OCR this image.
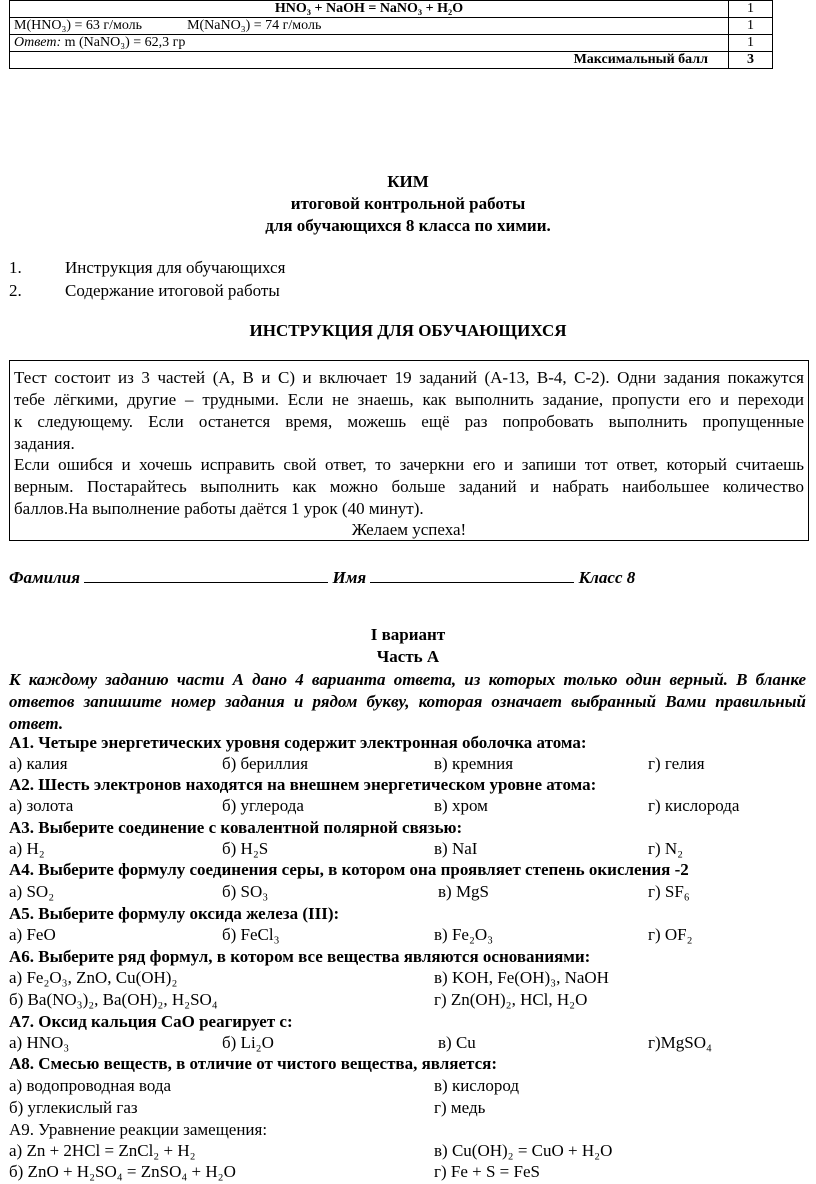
HNO₃ + NaOH = NaNO₃ + H₂O	1
M(HNO₃) = 63 г/моль M(NaNO₃) = 74 г/моль	1
Ответ: m (NaNO₃) = 62,3 гр	1
Максимальный балл	3
КИМ
итоговой контрольной работы
для обучающихся 8 класса по химии.
1.	Инструкция для обучающихся
2.	Содержание итоговой работы
ИНСТРУКЦИЯ ДЛЯ ОБУЧАЮЩИХСЯ
Тест состоит из 3 частей (А, В и С) и включает 19 заданий (А-13, В-4, С-2). Одни задания покажутся
тебе лёгкими, другие – трудными. Если не знаешь, как выполнить задание, пропусти его и переходи
к следующему. Если останется время, можешь ещё раз попробовать выполнить пропущенные
задания.
Если ошибся и хочешь исправить свой ответ, то зачеркни его и запиши тот ответ, который считаешь
верным. Постарайтесь выполнить как можно больше заданий и набрать наибольшее количество
баллов.На выполнение работы даётся 1 урок (40 минут).
Желаем успеха!
Фамилия	Имя	Класс 8
I вариант
Часть А
К каждому заданию части А дано 4 варианта ответа, из которых только один верный. В бланке ответов запишите номер задания и рядом букву, которая означает выбранный Вами правильный ответ.
А1. Четыре энергетических уровня содержит электронная оболочка атома:
а) калия	б) бериллия	в) кремния	г) гелия
А2. Шесть электронов находятся на внешнем энергетическом уровне атома:
а) золота	б) углерода	в) хром	г) кислорода
А3. Выберите соединение с ковалентной полярной связью:
а) H₂	б) H₂S	в) NaI	г) N₂
А4. Выберите формулу соединения серы, в котором она проявляет степень окисления -2
а) SO₂	б) SO₃	в) MgS	г) SF₆
А5. Выберите формулу оксида железа (III):
а) FeO	б) FeCl₃	в) Fe₂O₃	г) OF₂
А6. Выберите ряд формул, в котором все вещества являются основаниями:
а) Fe₂O₃, ZnO, Cu(OH)₂	в) KOH, Fe(OH)₃, NaOH
б) Ba(NO₃)₂, Ba(OH)₂, H₂SO₄	г) Zn(OH)₂, HCl, H₂O
А7. Оксид кальция CaO реагирует с:
а) HNO₃	б) Li₂O	в) Cu	г)MgSO₄
А8. Смесью веществ, в отличие от чистого вещества, является:
а) водопроводная вода	в) кислород
б) углекислый газ	г) медь
А9. Уравнение реакции замещения:
а) Zn + 2HCl = ZnCl₂ + H₂	в) Cu(OH)₂ = CuO + H₂O
б) ZnO + H₂SO₄ = ZnSO₄ + H₂O	г) Fe + S = FeS
